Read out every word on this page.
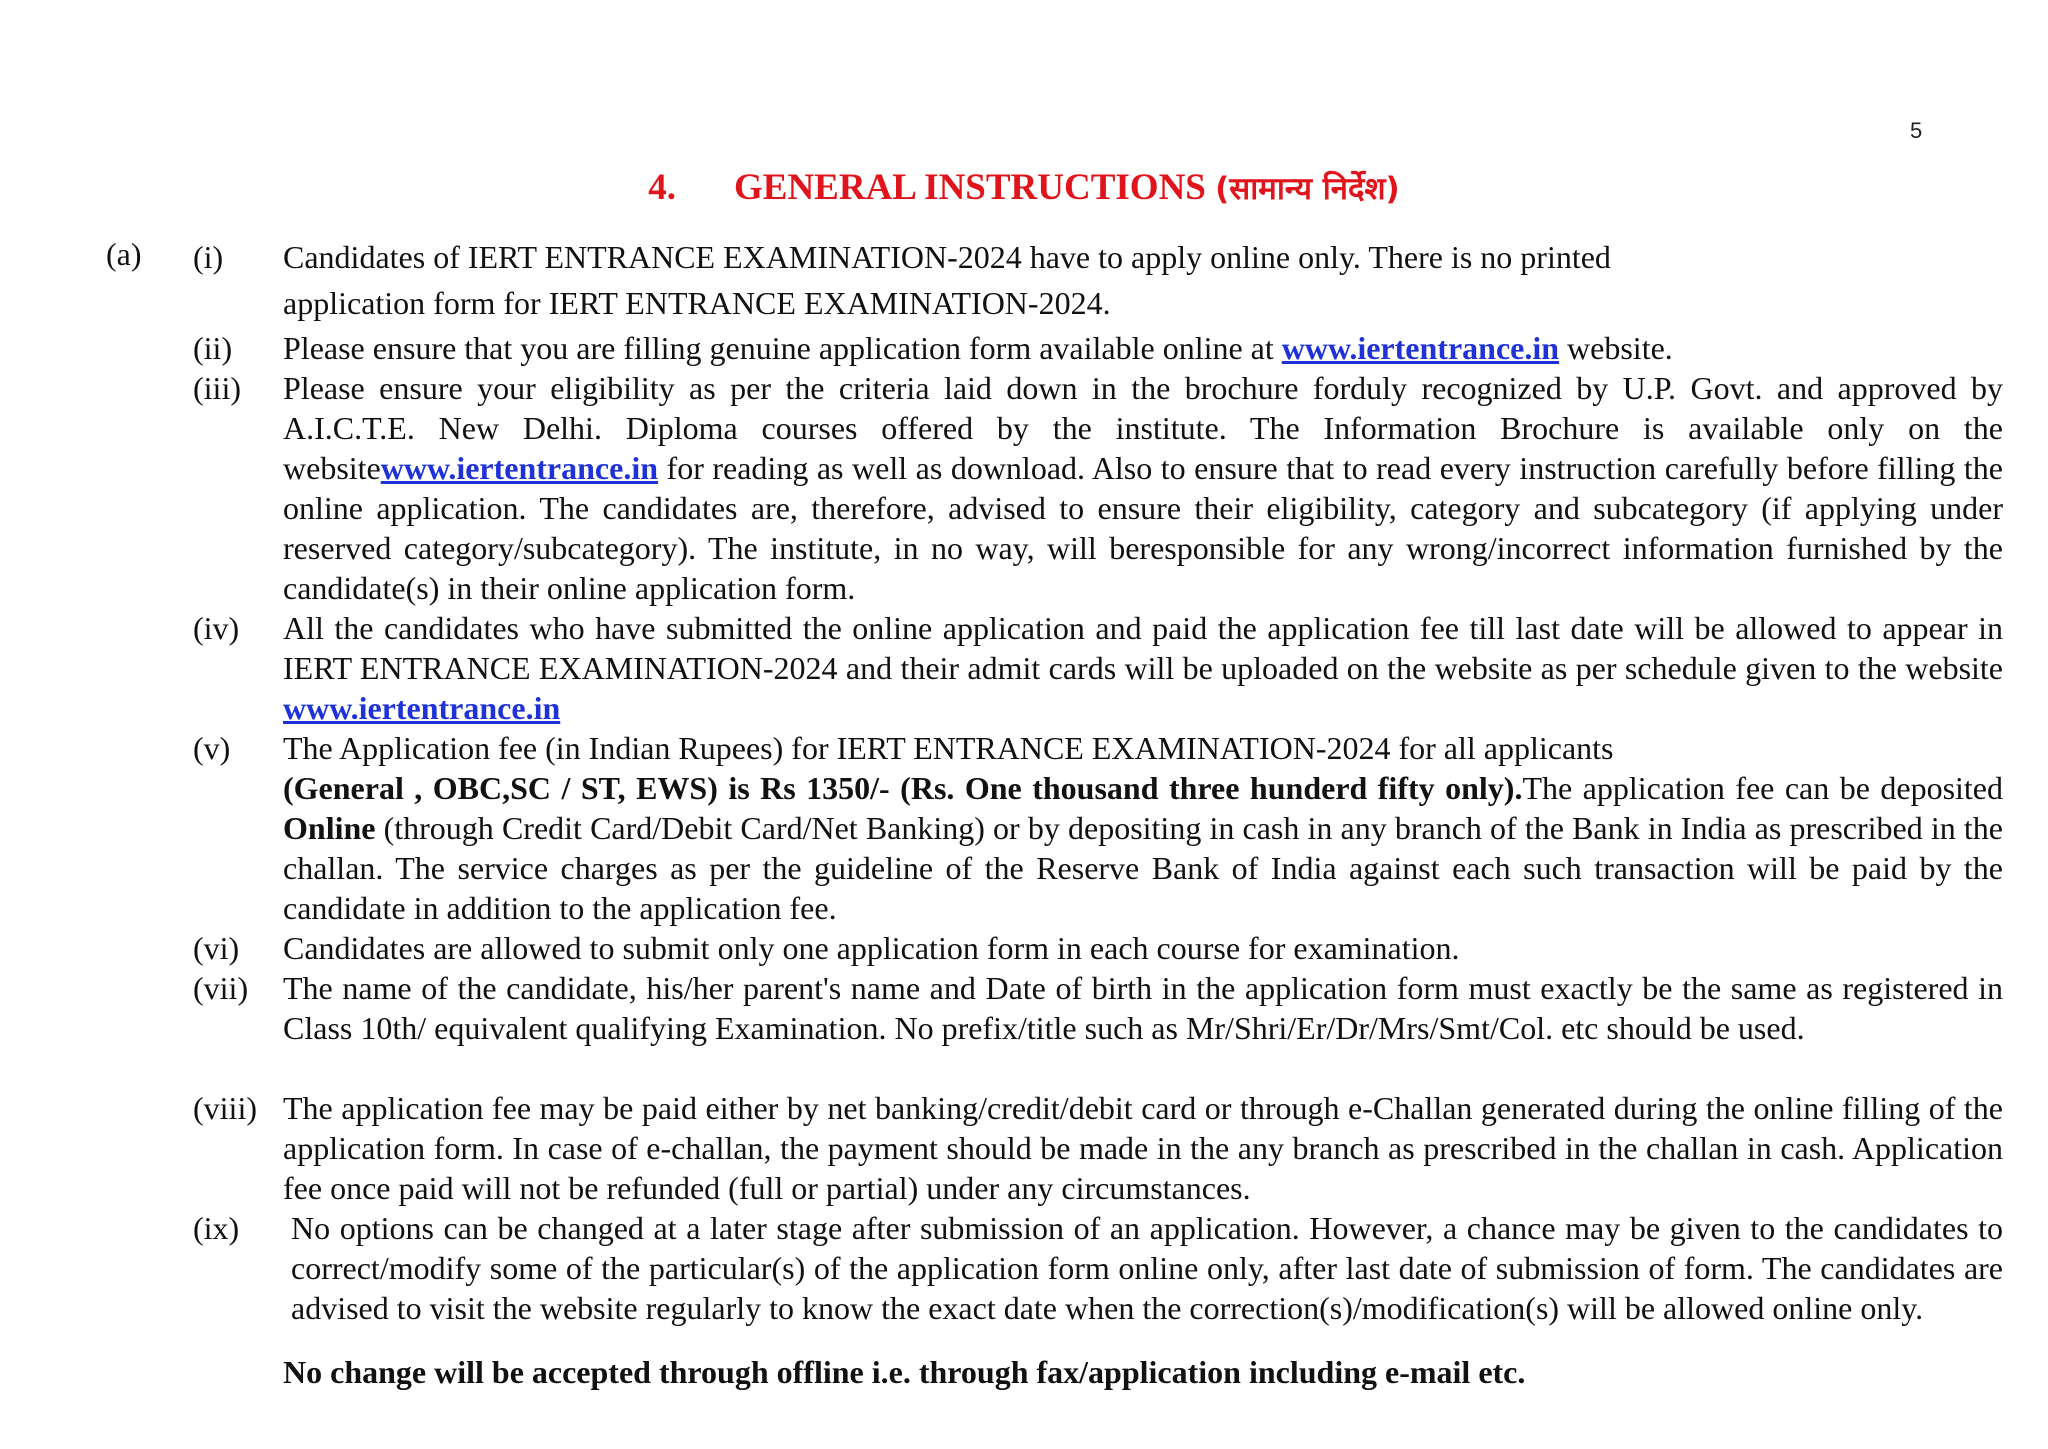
5
4. GENERAL INSTRUCTIONS (सामान्य निर्देश)
(a) (i) Candidates of IERT ENTRANCE EXAMINATION-2024 have to apply online only. There is no printed

application form for IERT ENTRANCE EXAMINATION-2024.

(ii) Please ensure that you are filling genuine application form available online at www.iertentrance.in website.

(iii) Please ensure your eligibility as per the criteria laid down in the brochure forduly recognized by U.P. Govt. and approved by A.I.C.T.E. New Delhi. Diploma courses offered by the institute. The Information Brochure is available only on the websitewww.iertentrance.in for reading as well as download. Also to ensure that to read every instruction carefully before filling the online application. The candidates are, therefore, advised to ensure their eligibility, category and subcategory (if applying under reserved category/subcategory). The institute, in no way, will beresponsible for any wrong/incorrect information furnished by the candidate(s) in their online application form.

(iv) All the candidates who have submitted the online application and paid the application fee till last date will be allowed to appear in IERT ENTRANCE EXAMINATION-2024 and their admit cards will be uploaded on the website as per schedule given to the website www.iertentrance.in

(v) The Application fee (in Indian Rupees) for IERT ENTRANCE EXAMINATION-2024 for all applicants

(General , OBC,SC / ST, EWS) is Rs 1350/- (Rs. One thousand three hunderd fifty only).The application fee can be deposited Online (through Credit Card/Debit Card/Net Banking) or by depositing in cash in any branch of the Bank in India as prescribed in the challan. The service charges as per the guideline of the Reserve Bank of India against each such transaction will be paid by the candidate in addition to the application fee.

(vi) Candidates are allowed to submit only one application form in each course for examination.

(vii) The name of the candidate, his/her parent's name and Date of birth in the application form must exactly be the same as registered in Class 10th/ equivalent qualifying Examination. No prefix/title such as Mr/Shri/Er/Dr/Mrs/Smt/Col. etc should be used.

(viii) The application fee may be paid either by net banking/credit/debit card or through e-Challan generated during the online filling of the application form. In case of e-challan, the payment should be made in the any branch as prescribed in the challan in cash. Application fee once paid will not be refunded (full or partial) under any circumstances.

(ix) No options can be changed at a later stage after submission of an application. However, a chance may be given to the candidates to correct/modify some of the particular(s) of the application form online only, after last date of submission of form. The candidates are advised to visit the website regularly to know the exact date when the correction(s)/modification(s) will be allowed online only.

No change will be accepted through offline i.e. through fax/application including e-mail etc.
